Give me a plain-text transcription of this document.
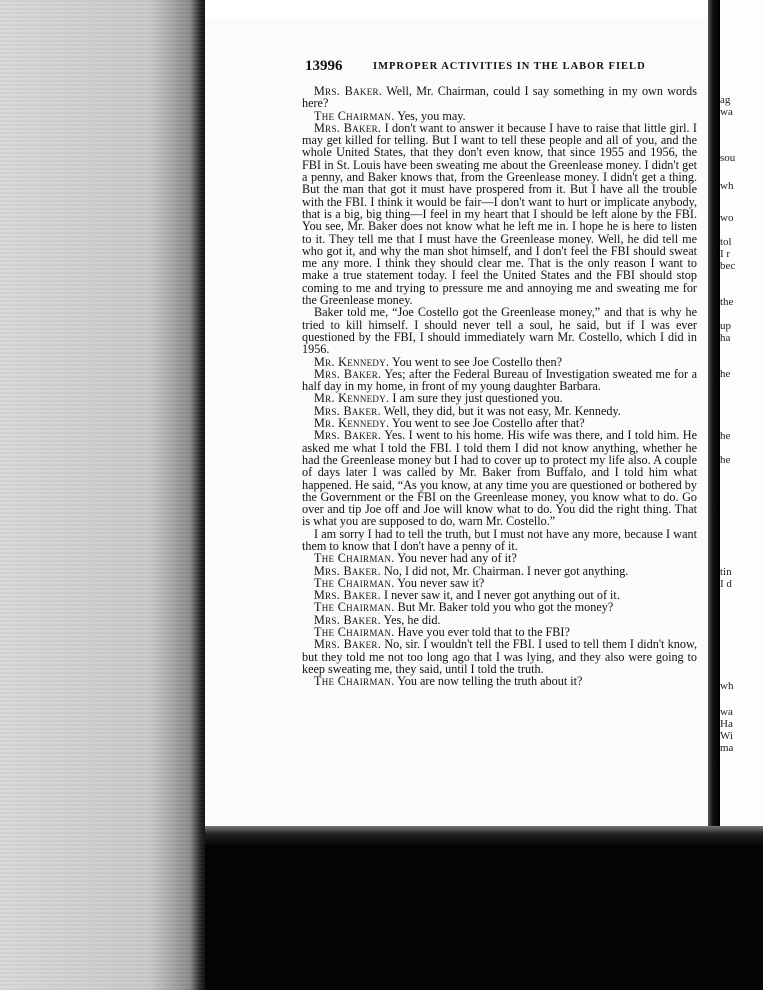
13996	IMPROPER ACTIVITIES IN THE LABOR FIELD

Mrs. Baker. Well, Mr. Chairman, could I say something in my own words here?

The Chairman. Yes, you may.

Mrs. Baker. I don't want to answer it because I have to raise that little girl. I may get killed for telling. But I want to tell these people and all of you, and the whole United States, that they don't even know, that since 1955 and 1956, the FBI in St. Louis have been sweating me about the Greenlease money. I didn't get a penny, and Baker knows that, from the Greenlease money. I didn't get a thing. But the man that got it must have prospered from it. But I have all the trouble with the FBI. I think it would be fair—I don't want to hurt or implicate anybody, that is a big, big thing—I feel in my heart that I should be left alone by the FBI. You see, Mr. Baker does not know what he left me in. I hope he is here to listen to it. They tell me that I must have the Greenlease money. Well, he did tell me who got it, and why the man shot himself, and I don't feel the FBI should sweat me any more. I think they should clear me. That is the only reason I want to make a true statement today. I feel the United States and the FBI should stop coming to me and trying to pressure me and annoying me and sweating me for the Greenlease money.

Baker told me, “Joe Costello got the Greenlease money,” and that is why he tried to kill himself. I should never tell a soul, he said, but if I was ever questioned by the FBI, I should immediately warn Mr. Costello, which I did in 1956.

Mr. Kennedy. You went to see Joe Costello then?

Mrs. Baker. Yes; after the Federal Bureau of Investigation sweated me for a half day in my home, in front of my young daughter Barbara.

Mr. Kennedy. I am sure they just questioned you.

Mrs. Baker. Well, they did, but it was not easy, Mr. Kennedy.

Mr. Kennedy. You went to see Joe Costello after that?

Mrs. Baker. Yes. I went to his home. His wife was there, and I told him. He asked me what I told the FBI. I told them I did not know anything, whether he had the Greenlease money but I had to cover up to protect my life also. A couple of days later I was called by Mr. Baker from Buffalo, and I told him what happened. He said, “As you know, at any time you are questioned or bothered by the Government or the FBI on the Greenlease money, you know what to do. Go over and tip Joe off and Joe will know what to do. You did the right thing. That is what you are supposed to do, warn Mr. Costello.”

I am sorry I had to tell the truth, but I must not have any more, because I want them to know that I don't have a penny of it.

The Chairman. You never had any of it?

Mrs. Baker. No, I did not, Mr. Chairman. I never got anything.

The Chairman. You never saw it?

Mrs. Baker. I never saw it, and I never got anything out of it.

The Chairman. But Mr. Baker told you who got the money?

Mrs. Baker. Yes, he did.

The Chairman. Have you ever told that to the FBI?

Mrs. Baker. No, sir. I wouldn't tell the FBI. I used to tell them I didn't know, but they told me not too long ago that I was lying, and they also were going to keep sweating me, they said, until I told the truth.

The Chairman. You are now telling the truth about it?

ag
wa
sou
wh
wo
tol
I r
bec
the
up
ha
he
he
he
tin
I d
wh
wa
Ha
Wi
ma
